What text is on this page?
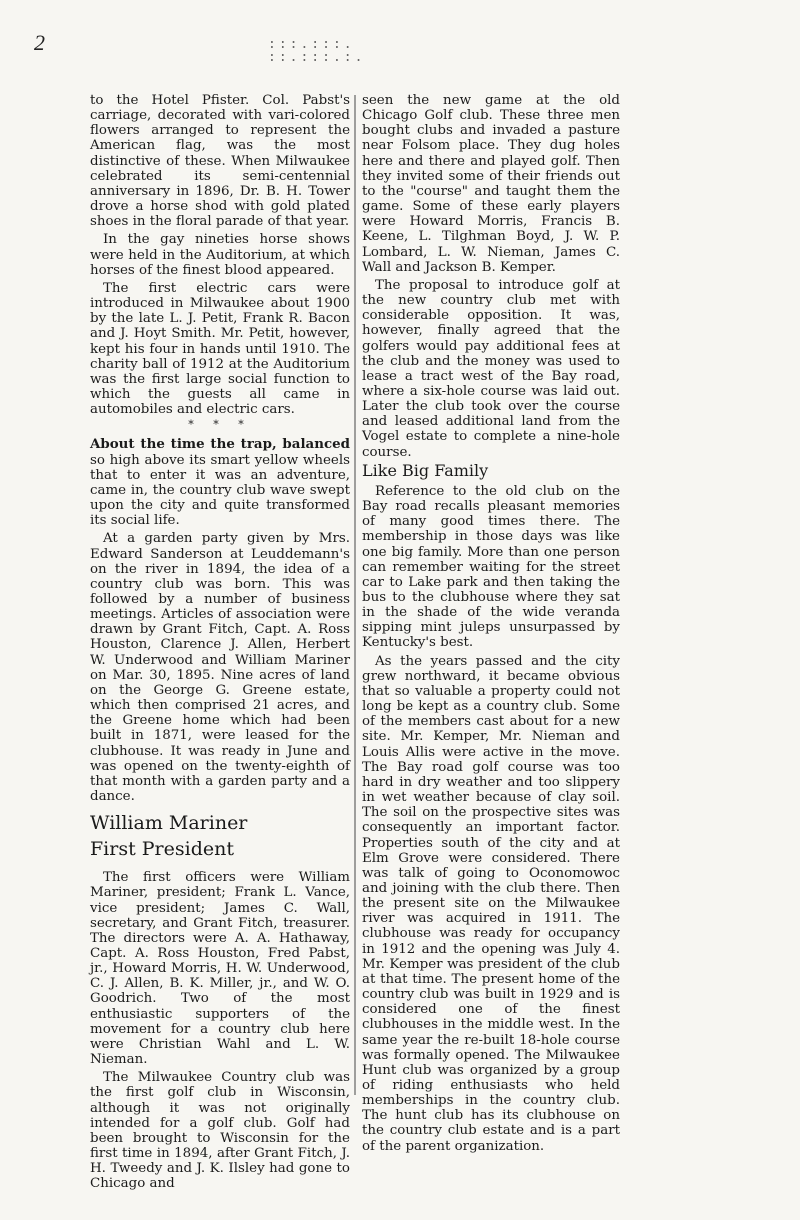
2	:::.:::.
::.:::.:.

to the Hotel Pfister. Col. Pabst's carriage, decorated with vari-colored flowers arranged to represent the American flag, was the most distinctive of these. When Milwaukee celebrated its semi-centennial anniversary in 1896, Dr. B. H. Tower drove a horse shod with gold plated shoes in the floral parade of that year.

In the gay nineties horse shows were held in the Auditorium, at which horses of the finest blood appeared.

The first electric cars were introduced in Milwaukee about 1900 by the late L. J. Petit, Frank R. Bacon and J. Hoyt Smith. Mr. Petit, however, kept his four in hands until 1910. The charity ball of 1912 at the Auditorium was the first large social function to which the guests all came in automobiles and electric cars.

* * *

About the time the trap, balanced so high above its smart yellow wheels that to enter it was an adventure, came in, the country club wave swept upon the city and quite transformed its social life.

At a garden party given by Mrs. Edward Sanderson at Leuddemann's on the river in 1894, the idea of a country club was born. This was followed by a number of business meetings. Articles of association were drawn by Grant Fitch, Capt. A. Ross Houston, Clarence J. Allen, Herbert W. Underwood and William Mariner on Mar. 30, 1895. Nine acres of land on the George G. Greene estate, which then comprised 21 acres, and the Greene home which had been built in 1871, were leased for the clubhouse. It was ready in June and was opened on the twenty-eighth of that month with a garden party and a dance.

William Mariner
First President

The first officers were William Mariner, president; Frank L. Vance, vice president; James C. Wall, secretary, and Grant Fitch, treasurer. The directors were A. A. Hathaway, Capt. A. Ross Houston, Fred Pabst, jr., Howard Morris, H. W. Underwood, C. J. Allen, B. K. Miller, jr., and W. O. Goodrich. Two of the most enthusiastic supporters of the movement for a country club here were Christian Wahl and L. W. Nieman.

The Milwaukee Country club was the first golf club in Wisconsin, although it was not originally intended for a golf club. Golf had been brought to Wisconsin for the first time in 1894, after Grant Fitch, J. H. Tweedy and J. K. Ilsley had gone to Chicago and

seen the new game at the old Chicago Golf club. These three men bought clubs and invaded a pasture near Folsom place. They dug holes here and there and played golf. Then they invited some of their friends out to the "course" and taught them the game. Some of these early players were Howard Morris, Francis B. Keene, L. Tilghman Boyd, J. W. P. Lombard, L. W. Nieman, James C. Wall and Jackson B. Kemper.

The proposal to introduce golf at the new country club met with considerable opposition. It was, however, finally agreed that the golfers would pay additional fees at the club and the money was used to lease a tract west of the Bay road, where a six-hole course was laid out. Later the club took over the course and leased additional land from the Vogel estate to complete a nine-hole course.

Like Big Family

Reference to the old club on the Bay road recalls pleasant memories of many good times there. The membership in those days was like one big family. More than one person can remember waiting for the street car to Lake park and then taking the bus to the clubhouse where they sat in the shade of the wide veranda sipping mint juleps unsurpassed by Kentucky's best.

As the years passed and the city grew northward, it became obvious that so valuable a property could not long be kept as a country club. Some of the members cast about for a new site. Mr. Kemper, Mr. Nieman and Louis Allis were active in the move. The Bay road golf course was too hard in dry weather and too slippery in wet weather because of clay soil. The soil on the prospective sites was consequently an important factor. Properties south of the city and at Elm Grove were considered. There was talk of going to Oconomowoc and joining with the club there. Then the present site on the Milwaukee river was acquired in 1911. The clubhouse was ready for occupancy in 1912 and the opening was July 4. Mr. Kemper was president of the club at that time. The present home of the country club was built in 1929 and is considered one of the finest clubhouses in the middle west. In the same year the re-built 18-hole course was formally opened. The Milwaukee Hunt club was organized by a group of riding enthusiasts who held memberships in the country club. The hunt club has its clubhouse on the country club estate and is a part of the parent organization.
